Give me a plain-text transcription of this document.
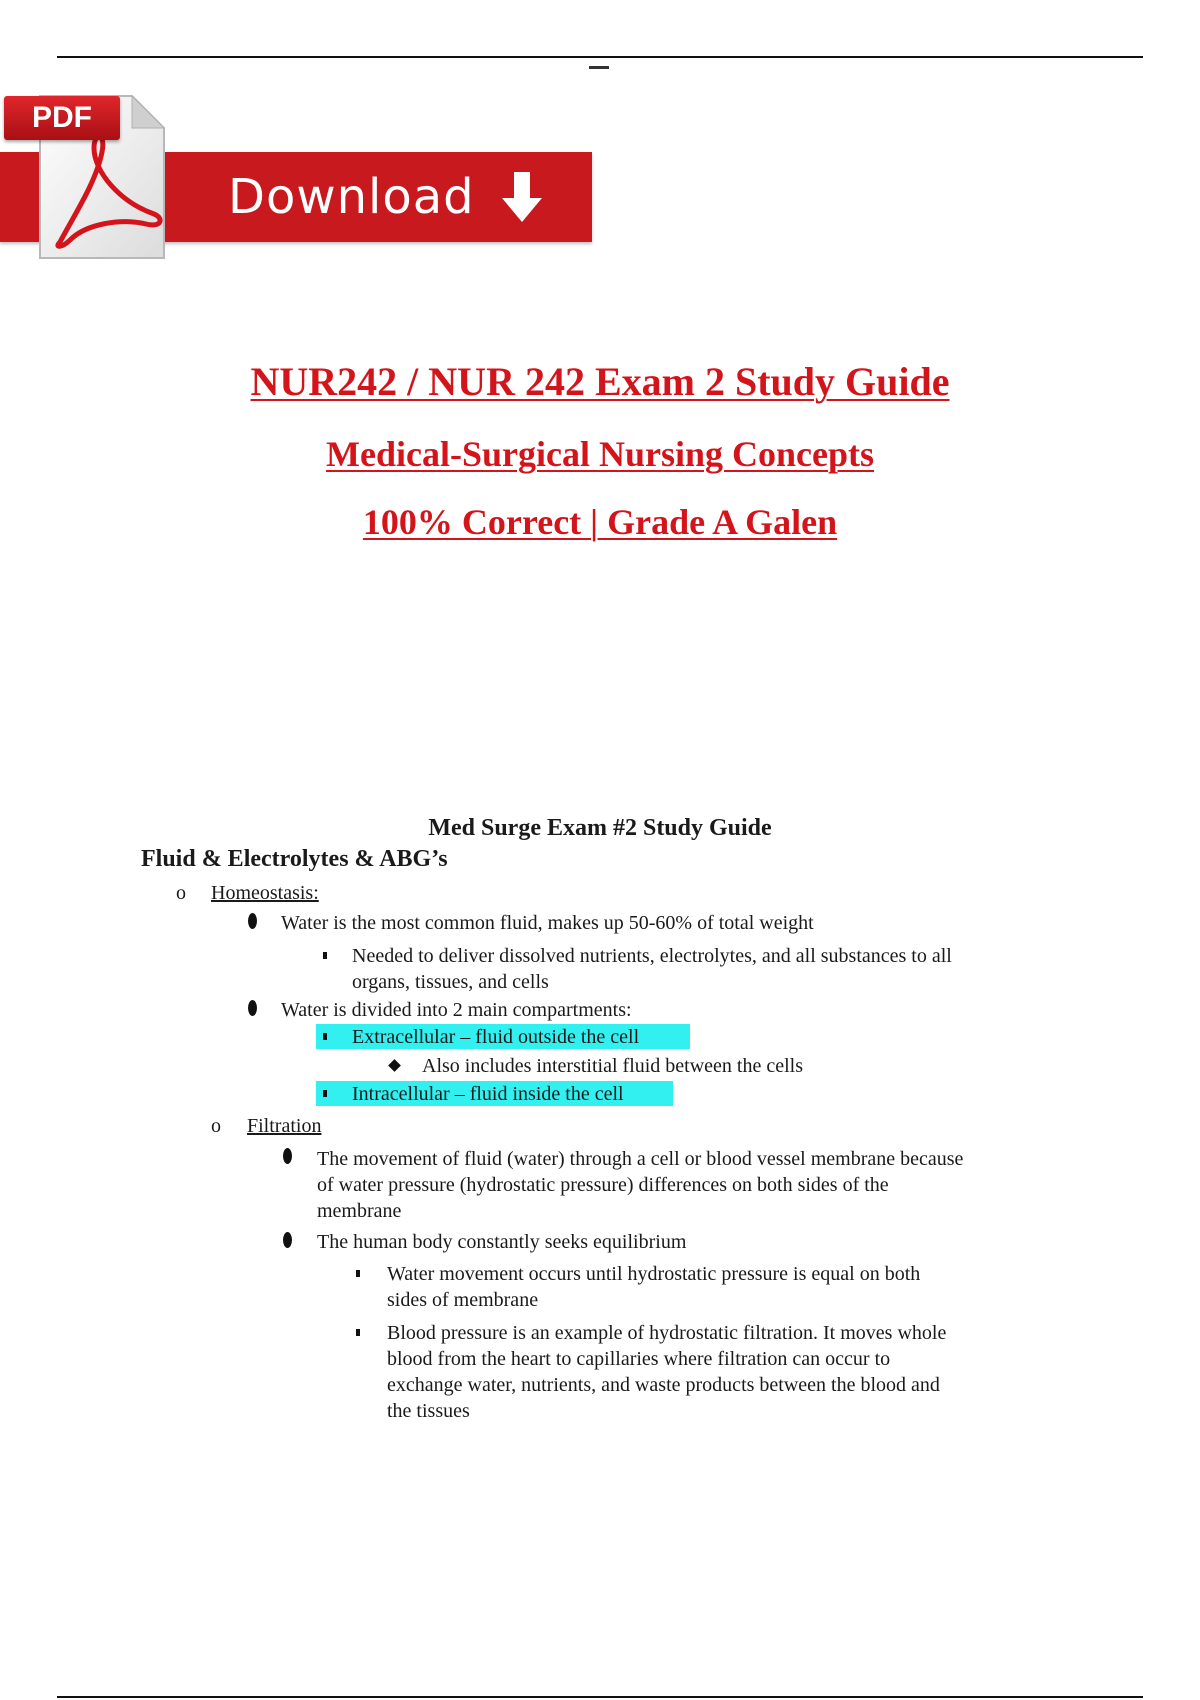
Download
PDF
NUR242 / NUR 242 Exam 2 Study Guide
Medical-Surgical Nursing Concepts
100% Correct | Grade A Galen
Med Surge Exam #2 Study Guide
Fluid & Electrolytes & ABG’s
o Homeostasis:
Water is the most common fluid, makes up 50-60% of total weight
Needed to deliver dissolved nutrients, electrolytes, and all substances to all
organs, tissues, and cells
Water is divided into 2 main compartments:
Extracellular – fluid outside the cell
Also includes interstitial fluid between the cells
Intracellular – fluid inside the cell
o Filtration
The movement of fluid (water) through a cell or blood vessel membrane because
of water pressure (hydrostatic pressure) differences on both sides of the
membrane
The human body constantly seeks equilibrium
Water movement occurs until hydrostatic pressure is equal on both
sides of membrane
Blood pressure is an example of hydrostatic filtration. It moves whole
blood from the heart to capillaries where filtration can occur to
exchange water, nutrients, and waste products between the blood and
the tissues
